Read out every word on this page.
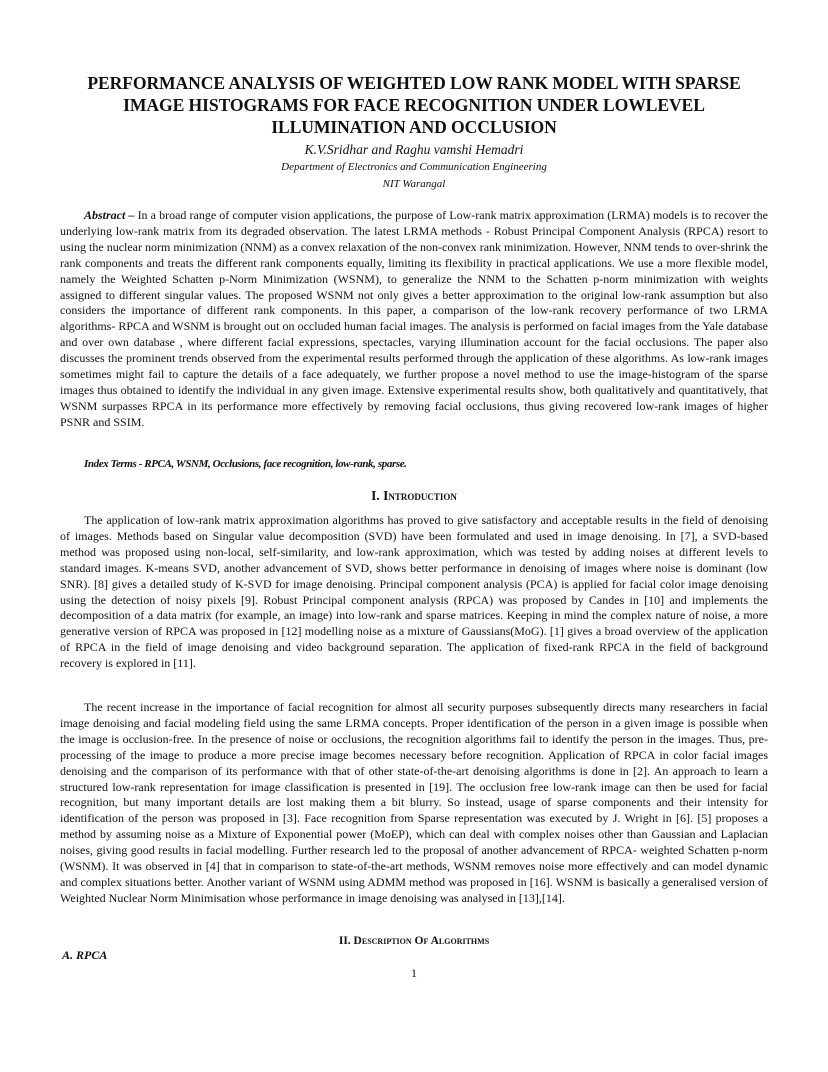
PERFORMANCE ANALYSIS OF WEIGHTED LOW RANK MODEL WITH SPARSE IMAGE HISTOGRAMS FOR FACE RECOGNITION UNDER LOWLEVEL ILLUMINATION AND OCCLUSION

K.V.Sridhar and Raghu vamshi Hemadri

Department of Electronics and Communication Engineering

NIT Warangal

Abstract – In a broad range of computer vision applications, the purpose of Low-rank matrix approximation (LRMA) models is to recover the underlying low-rank matrix from its degraded observation. The latest LRMA methods - Robust Principal Component Analysis (RPCA) resort to using the nuclear norm minimization (NNM) as a convex relaxation of the non-convex rank minimization. However, NNM tends to over-shrink the rank components and treats the different rank components equally, limiting its flexibility in practical applications. We use a more flexible model, namely the Weighted Schatten p-Norm Minimization (WSNM), to generalize the NNM to the Schatten p-norm minimization with weights assigned to different singular values. The proposed WSNM not only gives a better approximation to the original low-rank assumption but also considers the importance of different rank components. In this paper, a comparison of the low-rank recovery performance of two LRMA algorithms- RPCA and WSNM is brought out on occluded human facial images. The analysis is performed on facial images from the Yale database and over own database , where different facial expressions, spectacles, varying illumination account for the facial occlusions. The paper also discusses the prominent trends observed from the experimental results performed through the application of these algorithms. As low-rank images sometimes might fail to capture the details of a face adequately, we further propose a novel method to use the image-histogram of the sparse images thus obtained to identify the individual in any given image. Extensive experimental results show, both qualitatively and quantitatively, that WSNM surpasses RPCA in its performance more effectively by removing facial occlusions, thus giving recovered low-rank images of higher PSNR and SSIM.

Index Terms - RPCA, WSNM, Occlusions, face recognition, low-rank, sparse.

I. Introduction

The application of low-rank matrix approximation algorithms has proved to give satisfactory and acceptable results in the field of denoising of images. Methods based on Singular value decomposition (SVD) have been formulated and used in image denoising. In [7], a SVD-based method was proposed using non-local, self-similarity, and low-rank approximation, which was tested by adding noises at different levels to standard images. K-means SVD, another advancement of SVD, shows better performance in denoising of images where noise is dominant (low SNR). [8] gives a detailed study of K-SVD for image denoising. Principal component analysis (PCA) is applied for facial color image denoising using the detection of noisy pixels [9]. Robust Principal component analysis (RPCA) was proposed by Candes in [10] and implements the decomposition of a data matrix (for example, an image) into low-rank and sparse matrices. Keeping in mind the complex nature of noise, a more generative version of RPCA was proposed in [12] modelling noise as a mixture of Gaussians(MoG). [1] gives a broad overview of the application of RPCA in the field of image denoising and video background separation. The application of fixed-rank RPCA in the field of background recovery is explored in [11].

The recent increase in the importance of facial recognition for almost all security purposes subsequently directs many researchers in facial image denoising and facial modeling field using the same LRMA concepts. Proper identification of the person in a given image is possible when the image is occlusion-free. In the presence of noise or occlusions, the recognition algorithms fail to identify the person in the images. Thus, pre-processing of the image to produce a more precise image becomes necessary before recognition. Application of RPCA in color facial images denoising and the comparison of its performance with that of other state-of-the-art denoising algorithms is done in [2]. An approach to learn a structured low-rank representation for image classification is presented in [19]. The occlusion free low-rank image can then be used for facial recognition, but many important details are lost making them a bit blurry. So instead, usage of sparse components and their intensity for identification of the person was proposed in [3]. Face recognition from Sparse representation was executed by J. Wright in [6]. [5] proposes a method by assuming noise as a Mixture of Exponential power (MoEP), which can deal with complex noises other than Gaussian and Laplacian noises, giving good results in facial modelling. Further research led to the proposal of another advancement of RPCA- weighted Schatten p-norm (WSNM). It was observed in [4] that in comparison to state-of-the-art methods, WSNM removes noise more effectively and can model dynamic and complex situations better. Another variant of WSNM using ADMM method was proposed in [16]. WSNM is basically a generalised version of Weighted Nuclear Norm Minimisation whose performance in image denoising was analysed in [13],[14].

II. Description Of Algorithms

A. RPCA

1
